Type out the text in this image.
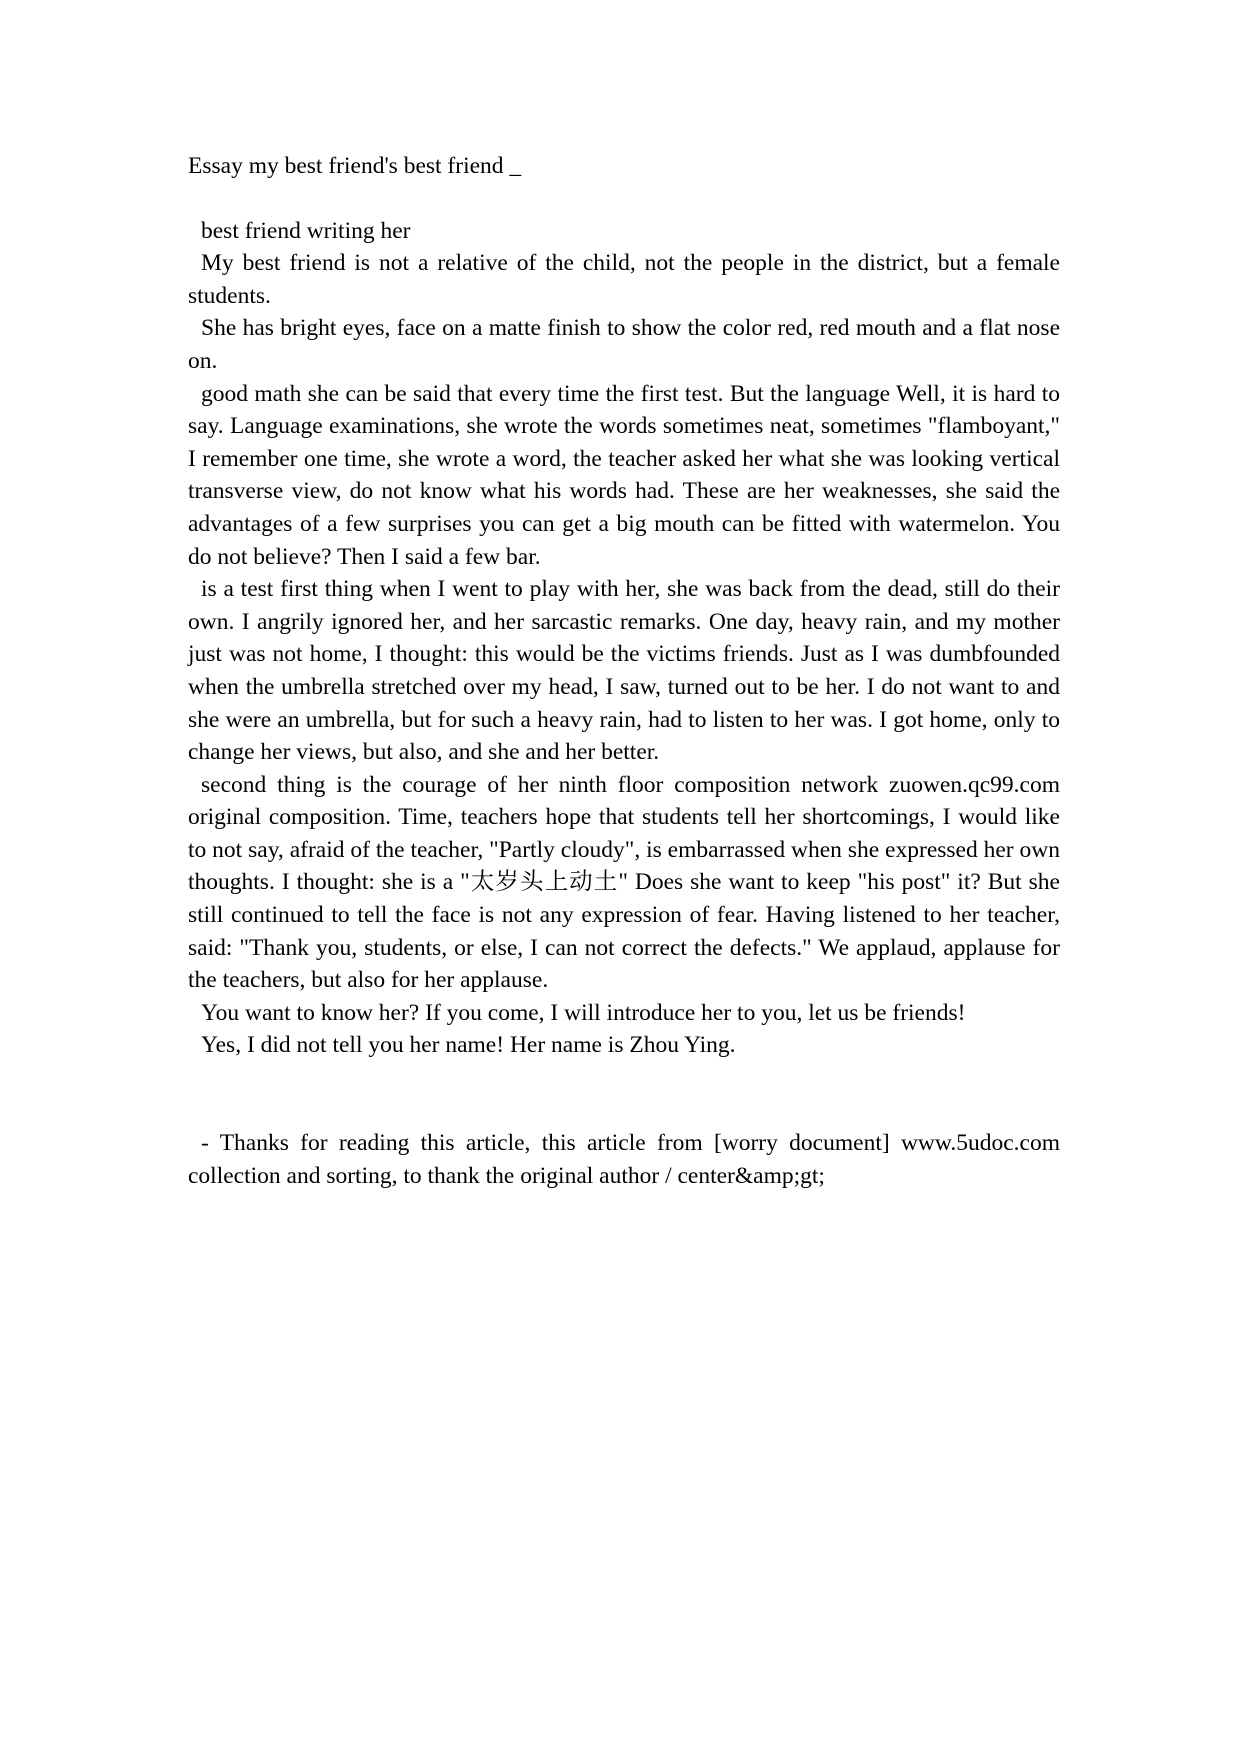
Essay my best friend's best friend _

best friend writing her

My best friend is not a relative of the child, not the people in the district, but a female students.

She has bright eyes, face on a matte finish to show the color red, red mouth and a flat nose on.

good math she can be said that every time the first test. But the language Well, it is hard to say. Language examinations, she wrote the words sometimes neat, sometimes "flamboyant," I remember one time, she wrote a word, the teacher asked her what she was looking vertical transverse view, do not know what his words had. These are her weaknesses, she said the advantages of a few surprises you can get a big mouth can be fitted with watermelon. You do not believe? Then I said a few bar.

is a test first thing when I went to play with her, she was back from the dead, still do their own. I angrily ignored her, and her sarcastic remarks. One day, heavy rain, and my mother just was not home, I thought: this would be the victims friends. Just as I was dumbfounded when the umbrella stretched over my head, I saw, turned out to be her. I do not want to and she were an umbrella, but for such a heavy rain, had to listen to her was. I got home, only to change her views, but also, and she and her better.

second thing is the courage of her ninth floor composition network zuowen.qc99.com original composition. Time, teachers hope that students tell her shortcomings, I would like to not say, afraid of the teacher, "Partly cloudy", is embarrassed when she expressed her own thoughts. I thought: she is a "太岁头上动土" Does she want to keep "his post" it? But she still continued to tell the face is not any expression of fear. Having listened to her teacher, said: "Thank you, students, or else, I can not correct the defects." We applaud, applause for the teachers, but also for her applause.

You want to know her? If you come, I will introduce her to you, let us be friends!

Yes, I did not tell you her name! Her name is Zhou Ying.

- Thanks for reading this article, this article from [worry document] www.5udoc.com collection and sorting, to thank the original author / center&amp;gt;
